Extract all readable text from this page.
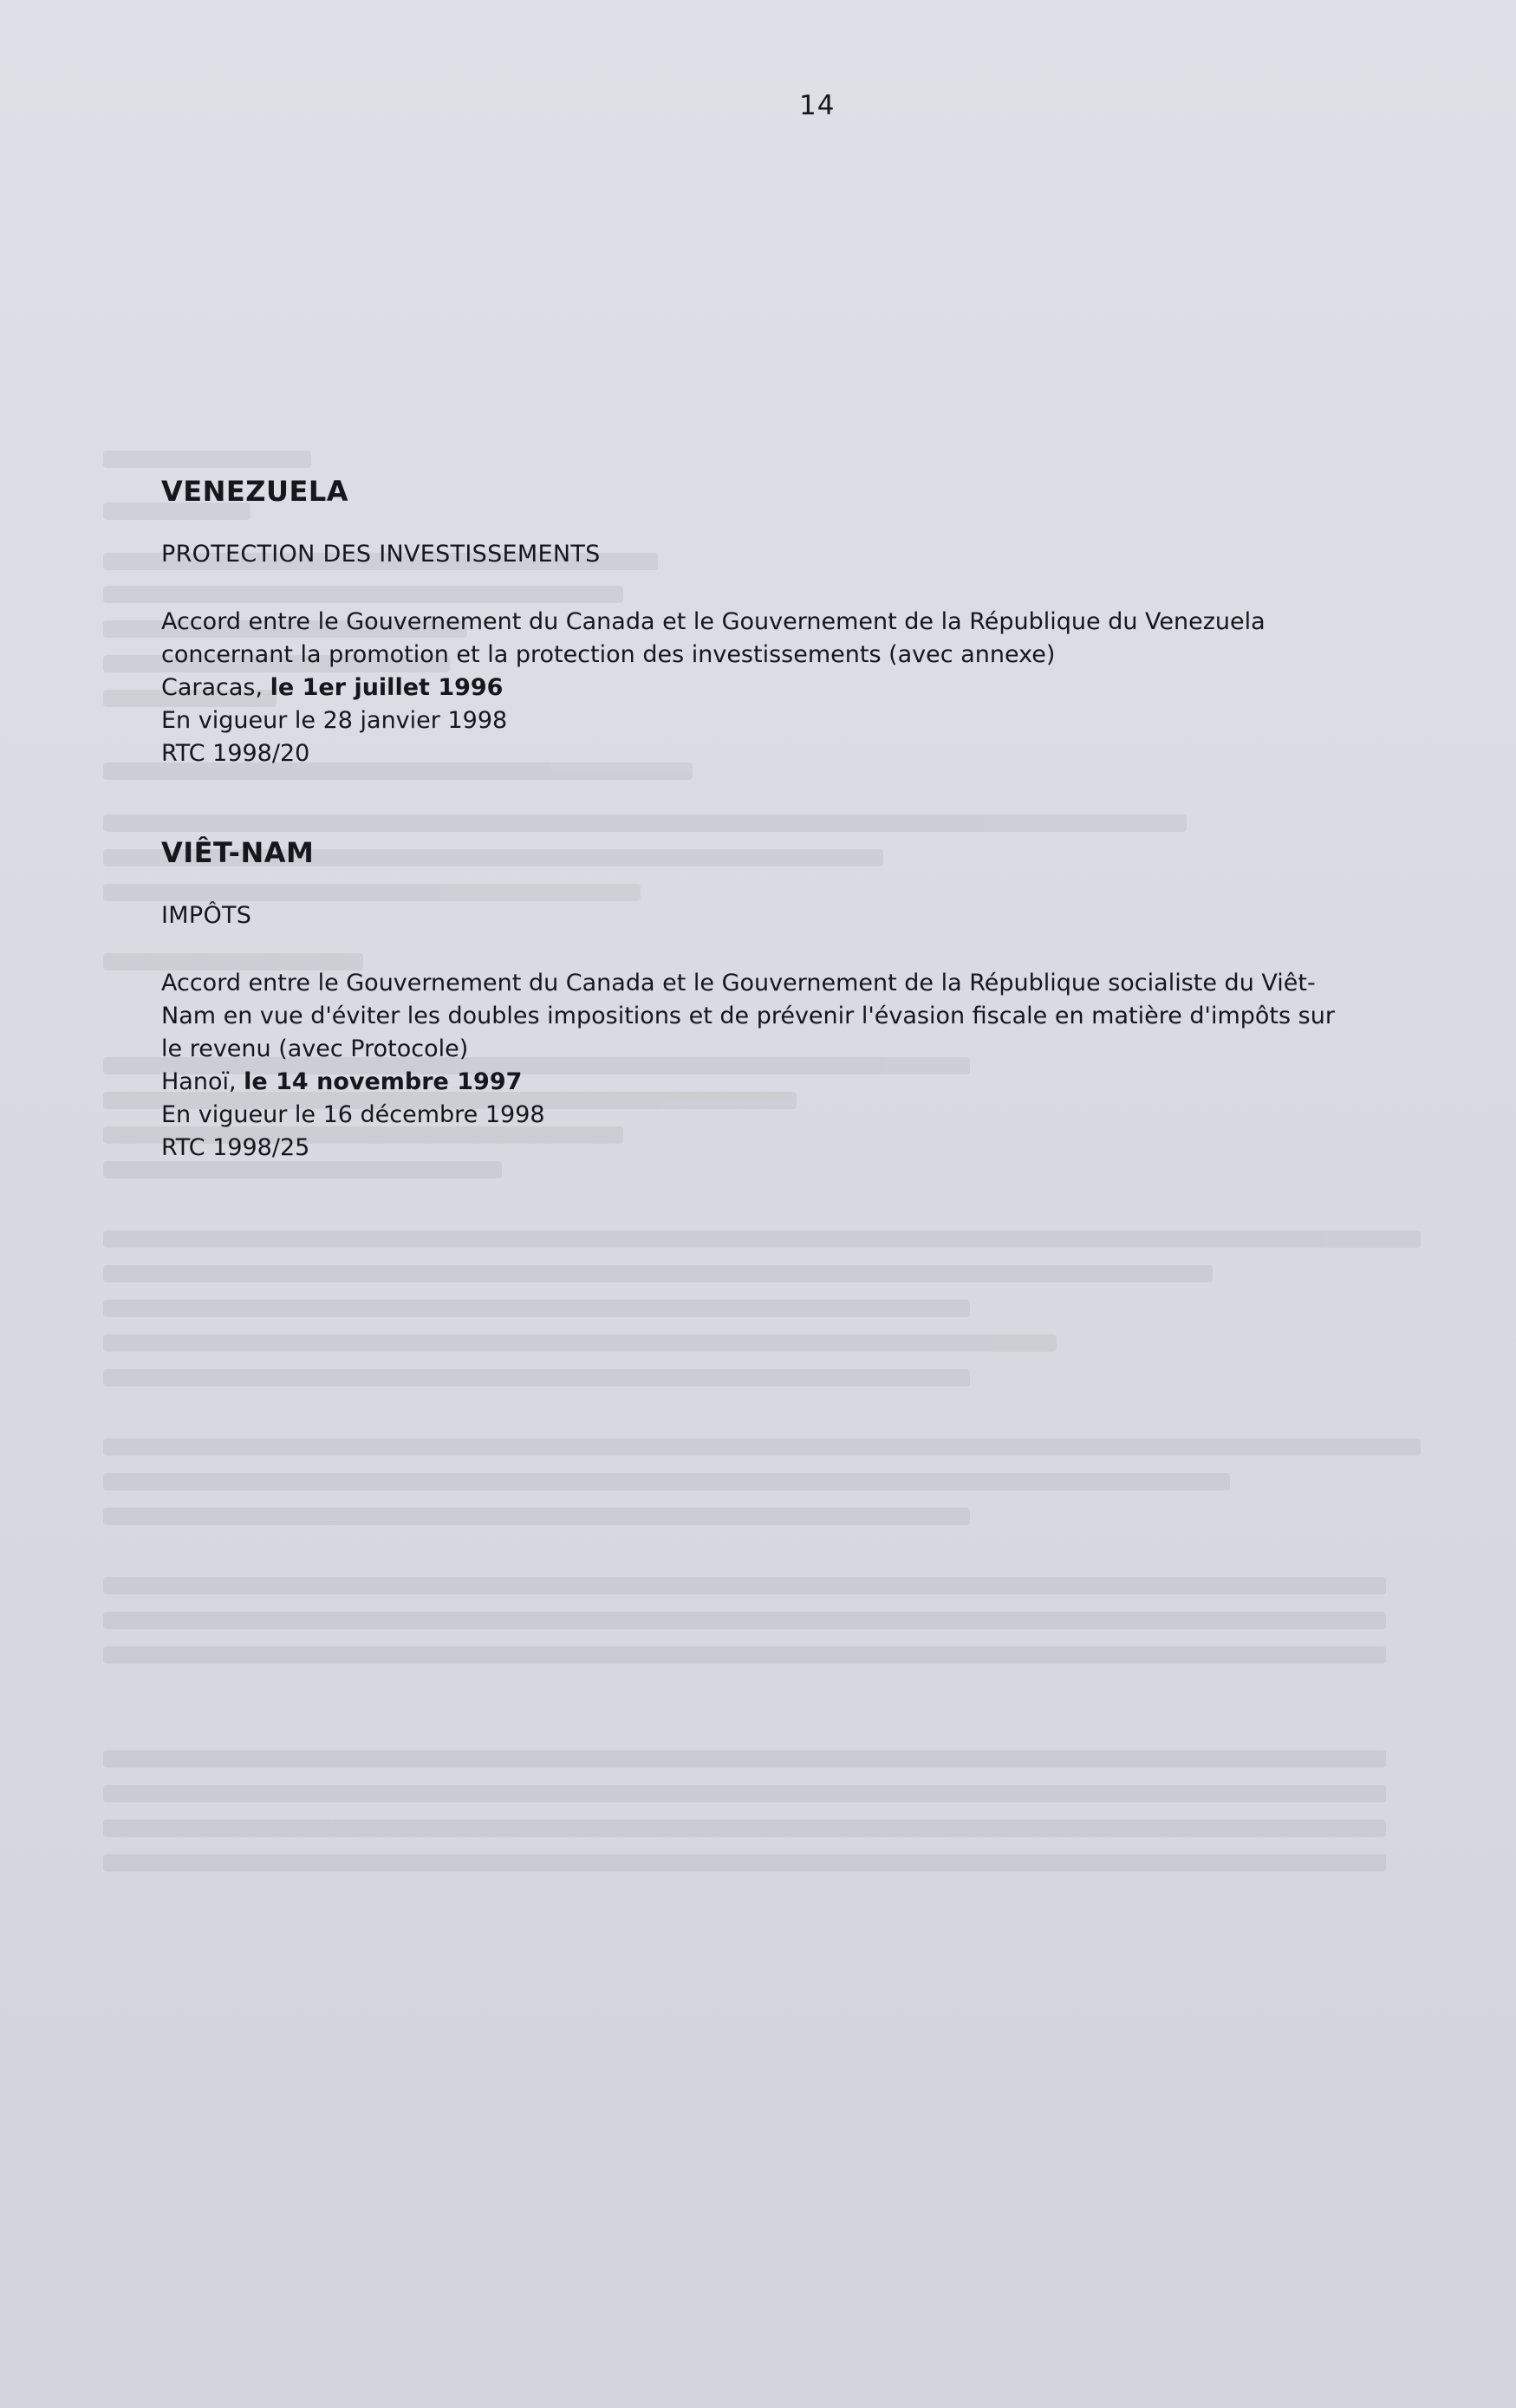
14
VENEZUELA
PROTECTION DES INVESTISSEMENTS
Accord entre le Gouvernement du Canada et le Gouvernement de la République du Venezuela
concernant la promotion et la protection des investissements (avec annexe)
Caracas, le 1er juillet 1996
En vigueur le 28 janvier 1998
RTC 1998/20
VIÊT-NAM
IMPÔTS
Accord entre le Gouvernement du Canada et le Gouvernement de la République socialiste du Viêt-
Nam en vue d'éviter les doubles impositions et de prévenir l'évasion fiscale en matière d'impôts sur
le revenu (avec Protocole)
Hanoï, le 14 novembre 1997
En vigueur le 16 décembre 1998
RTC 1998/25
